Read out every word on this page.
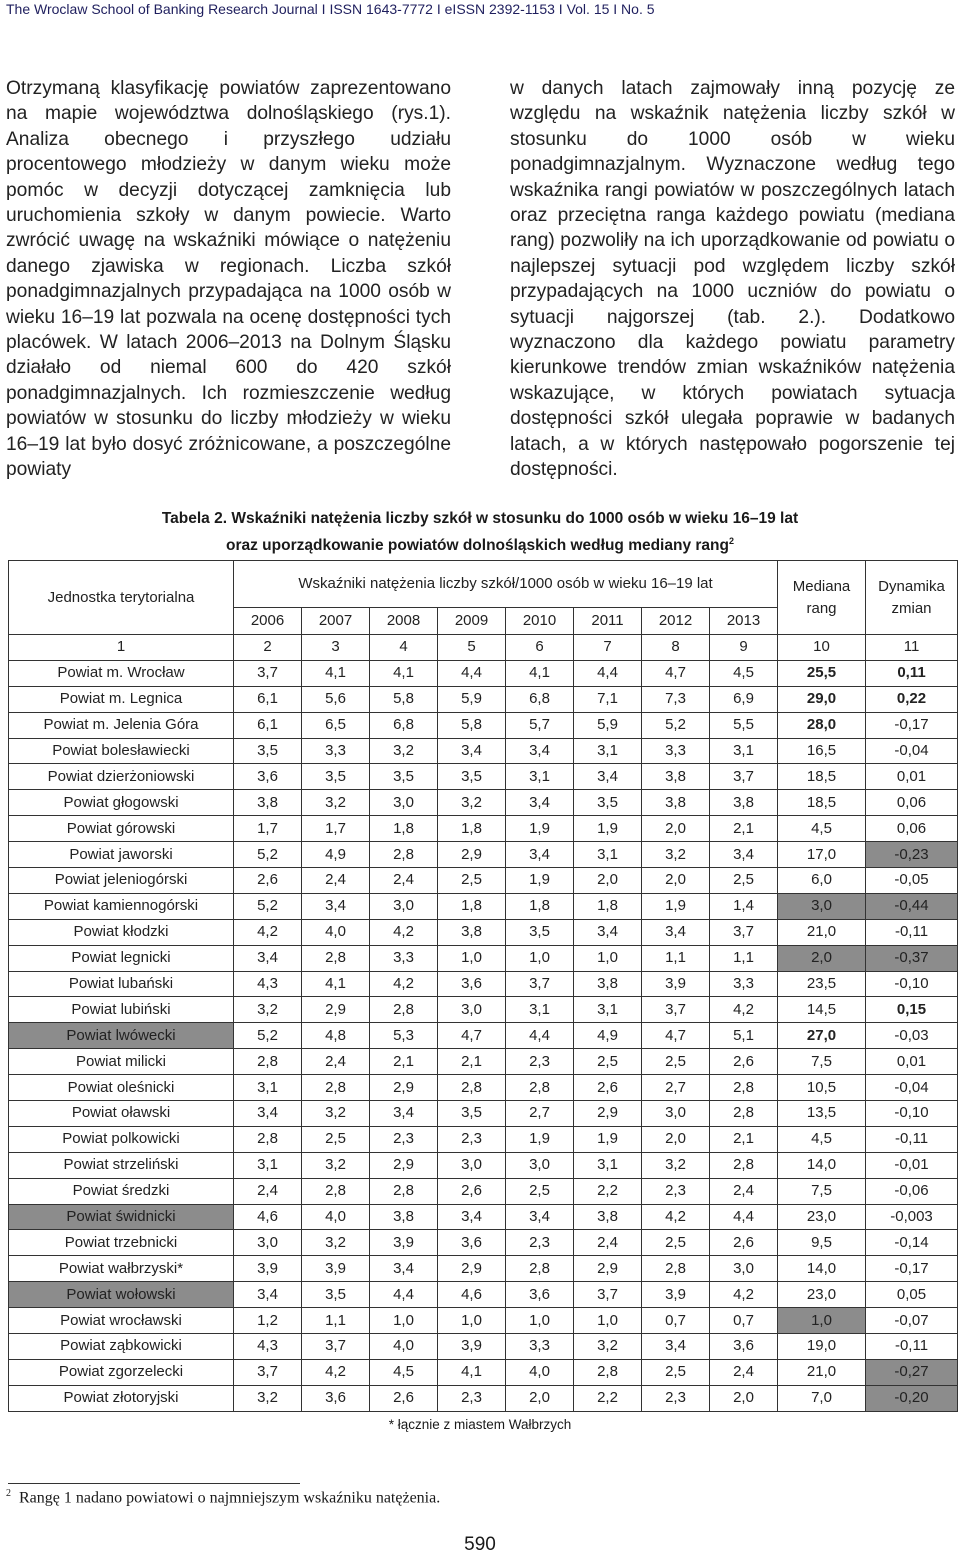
The Wroclaw School of Banking Research Journal I ISSN 1643-7772 I eISSN 2392-1153 I Vol. 15 I No. 5
Otrzymaną klasyfikację powiatów zaprezentowano na mapie województwa dolnośląskiego (rys.1). Analiza obecnego i przyszłego udziału procentowego młodzieży w danym wieku może pomóc w decyzji dotyczącej zamknięcia lub uruchomienia szkoły w danym powiecie. Warto zwrócić uwagę na wskaźniki mówiące o natężeniu danego zjawiska w regionach. Liczba szkół ponadgimnazjalnych przypadająca na 1000 osób w wieku 16–19 lat pozwala na ocenę dostępności tych placówek. W latach 2006–2013 na Dolnym Śląsku działało od niemal 600 do 420 szkół ponadgimnazjalnych. Ich rozmieszczenie według powiatów w stosunku do liczby młodzieży w wieku 16–19 lat było dosyć zróżnicowane, a poszczególne powiaty
w danych latach zajmowały inną pozycję ze względu na wskaźnik natężenia liczby szkół w stosunku do 1000 osób w wieku ponadgimnazjalnym. Wyznaczone według tego wskaźnika rangi powiatów w poszczególnych latach oraz przeciętna ranga każdego powiatu (mediana rang) pozwoliły na ich uporządkowanie od powiatu o najlepszej sytuacji pod względem liczby szkół przypadających na 1000 uczniów do powiatu o sytuacji najgorszej (tab. 2.). Dodatkowo wyznaczono dla każdego powiatu parametry kierunkowe trendów zmian wskaźników natężenia wskazujące, w których powiatach sytuacja dostępności szkół ulegała poprawie w badanych latach, a w których następowało pogorszenie tej dostępności.
Tabela 2. Wskaźniki natężenia liczby szkół w stosunku do 1000 osób w wieku 16–19 lat
oraz uporządkowanie powiatów dolnośląskich według mediany rang$^2$
Jednostka terytorialna	Wskaźniki natężenia liczby szkół/1000 osób w wieku 16–19 lat								Mediana rang	Dynamika zmian
	2006	2007	2008	2009	2010	2011	2012	2013		
1	2	3	4	5	6	7	8	9	10	11
Powiat m. Wrocław	3,7	4,1	4,1	4,4	4,1	4,4	4,7	4,5	25,5	0,11
Powiat m. Legnica	6,1	5,6	5,8	5,9	6,8	7,1	7,3	6,9	29,0	0,22
Powiat m. Jelenia Góra	6,1	6,5	6,8	5,8	5,7	5,9	5,2	5,5	28,0	-0,17
Powiat bolesławiecki	3,5	3,3	3,2	3,4	3,4	3,1	3,3	3,1	16,5	-0,04
Powiat dzierżoniowski	3,6	3,5	3,5	3,5	3,1	3,4	3,8	3,7	18,5	0,01
Powiat głogowski	3,8	3,2	3,0	3,2	3,4	3,5	3,8	3,8	18,5	0,06
Powiat górowski	1,7	1,7	1,8	1,8	1,9	1,9	2,0	2,1	4,5	0,06
Powiat jaworski	5,2	4,9	2,8	2,9	3,4	3,1	3,2	3,4	17,0	-0,23
Powiat jeleniogórski	2,6	2,4	2,4	2,5	1,9	2,0	2,0	2,5	6,0	-0,05
Powiat kamiennogórski	5,2	3,4	3,0	1,8	1,8	1,8	1,9	1,4	3,0	-0,44
Powiat kłodzki	4,2	4,0	4,2	3,8	3,5	3,4	3,4	3,7	21,0	-0,11
Powiat legnicki	3,4	2,8	3,3	1,0	1,0	1,0	1,1	1,1	2,0	-0,37
Powiat lubański	4,3	4,1	4,2	3,6	3,7	3,8	3,9	3,3	23,5	-0,10
Powiat lubiński	3,2	2,9	2,8	3,0	3,1	3,1	3,7	4,2	14,5	0,15
Powiat lwówecki	5,2	4,8	5,3	4,7	4,4	4,9	4,7	5,1	27,0	-0,03
Powiat milicki	2,8	2,4	2,1	2,1	2,3	2,5	2,5	2,6	7,5	0,01
Powiat oleśnicki	3,1	2,8	2,9	2,8	2,8	2,6	2,7	2,8	10,5	-0,04
Powiat oławski	3,4	3,2	3,4	3,5	2,7	2,9	3,0	2,8	13,5	-0,10
Powiat polkowicki	2,8	2,5	2,3	2,3	1,9	1,9	2,0	2,1	4,5	-0,11
Powiat strzeliński	3,1	3,2	2,9	3,0	3,0	3,1	3,2	2,8	14,0	-0,01
Powiat średzki	2,4	2,8	2,8	2,6	2,5	2,2	2,3	2,4	7,5	-0,06
Powiat świdnicki	4,6	4,0	3,8	3,4	3,4	3,8	4,2	4,4	23,0	-0,003
Powiat trzebnicki	3,0	3,2	3,9	3,6	2,3	2,4	2,5	2,6	9,5	-0,14
Powiat wałbrzyski*	3,9	3,9	3,4	2,9	2,8	2,9	2,8	3,0	14,0	-0,17
Powiat wołowski	3,4	3,5	4,4	4,6	3,6	3,7	3,9	4,2	23,0	0,05
Powiat wrocławski	1,2	1,1	1,0	1,0	1,0	1,0	0,7	0,7	1,0	-0,07
Powiat ząbkowicki	4,3	3,7	4,0	3,9	3,3	3,2	3,4	3,6	19,0	-0,11
Powiat zgorzelecki	3,7	4,2	4,5	4,1	4,0	2,8	2,5	2,4	21,0	-0,27
Powiat złotoryjski	3,2	3,6	2,6	2,3	2,0	2,2	2,3	2,0	7,0	-0,20
* łącznie z miastem Wałbrzych
$^2$ Rangę 1 nadano powiatowi o najmniejszym wskaźniku natężenia.
590
